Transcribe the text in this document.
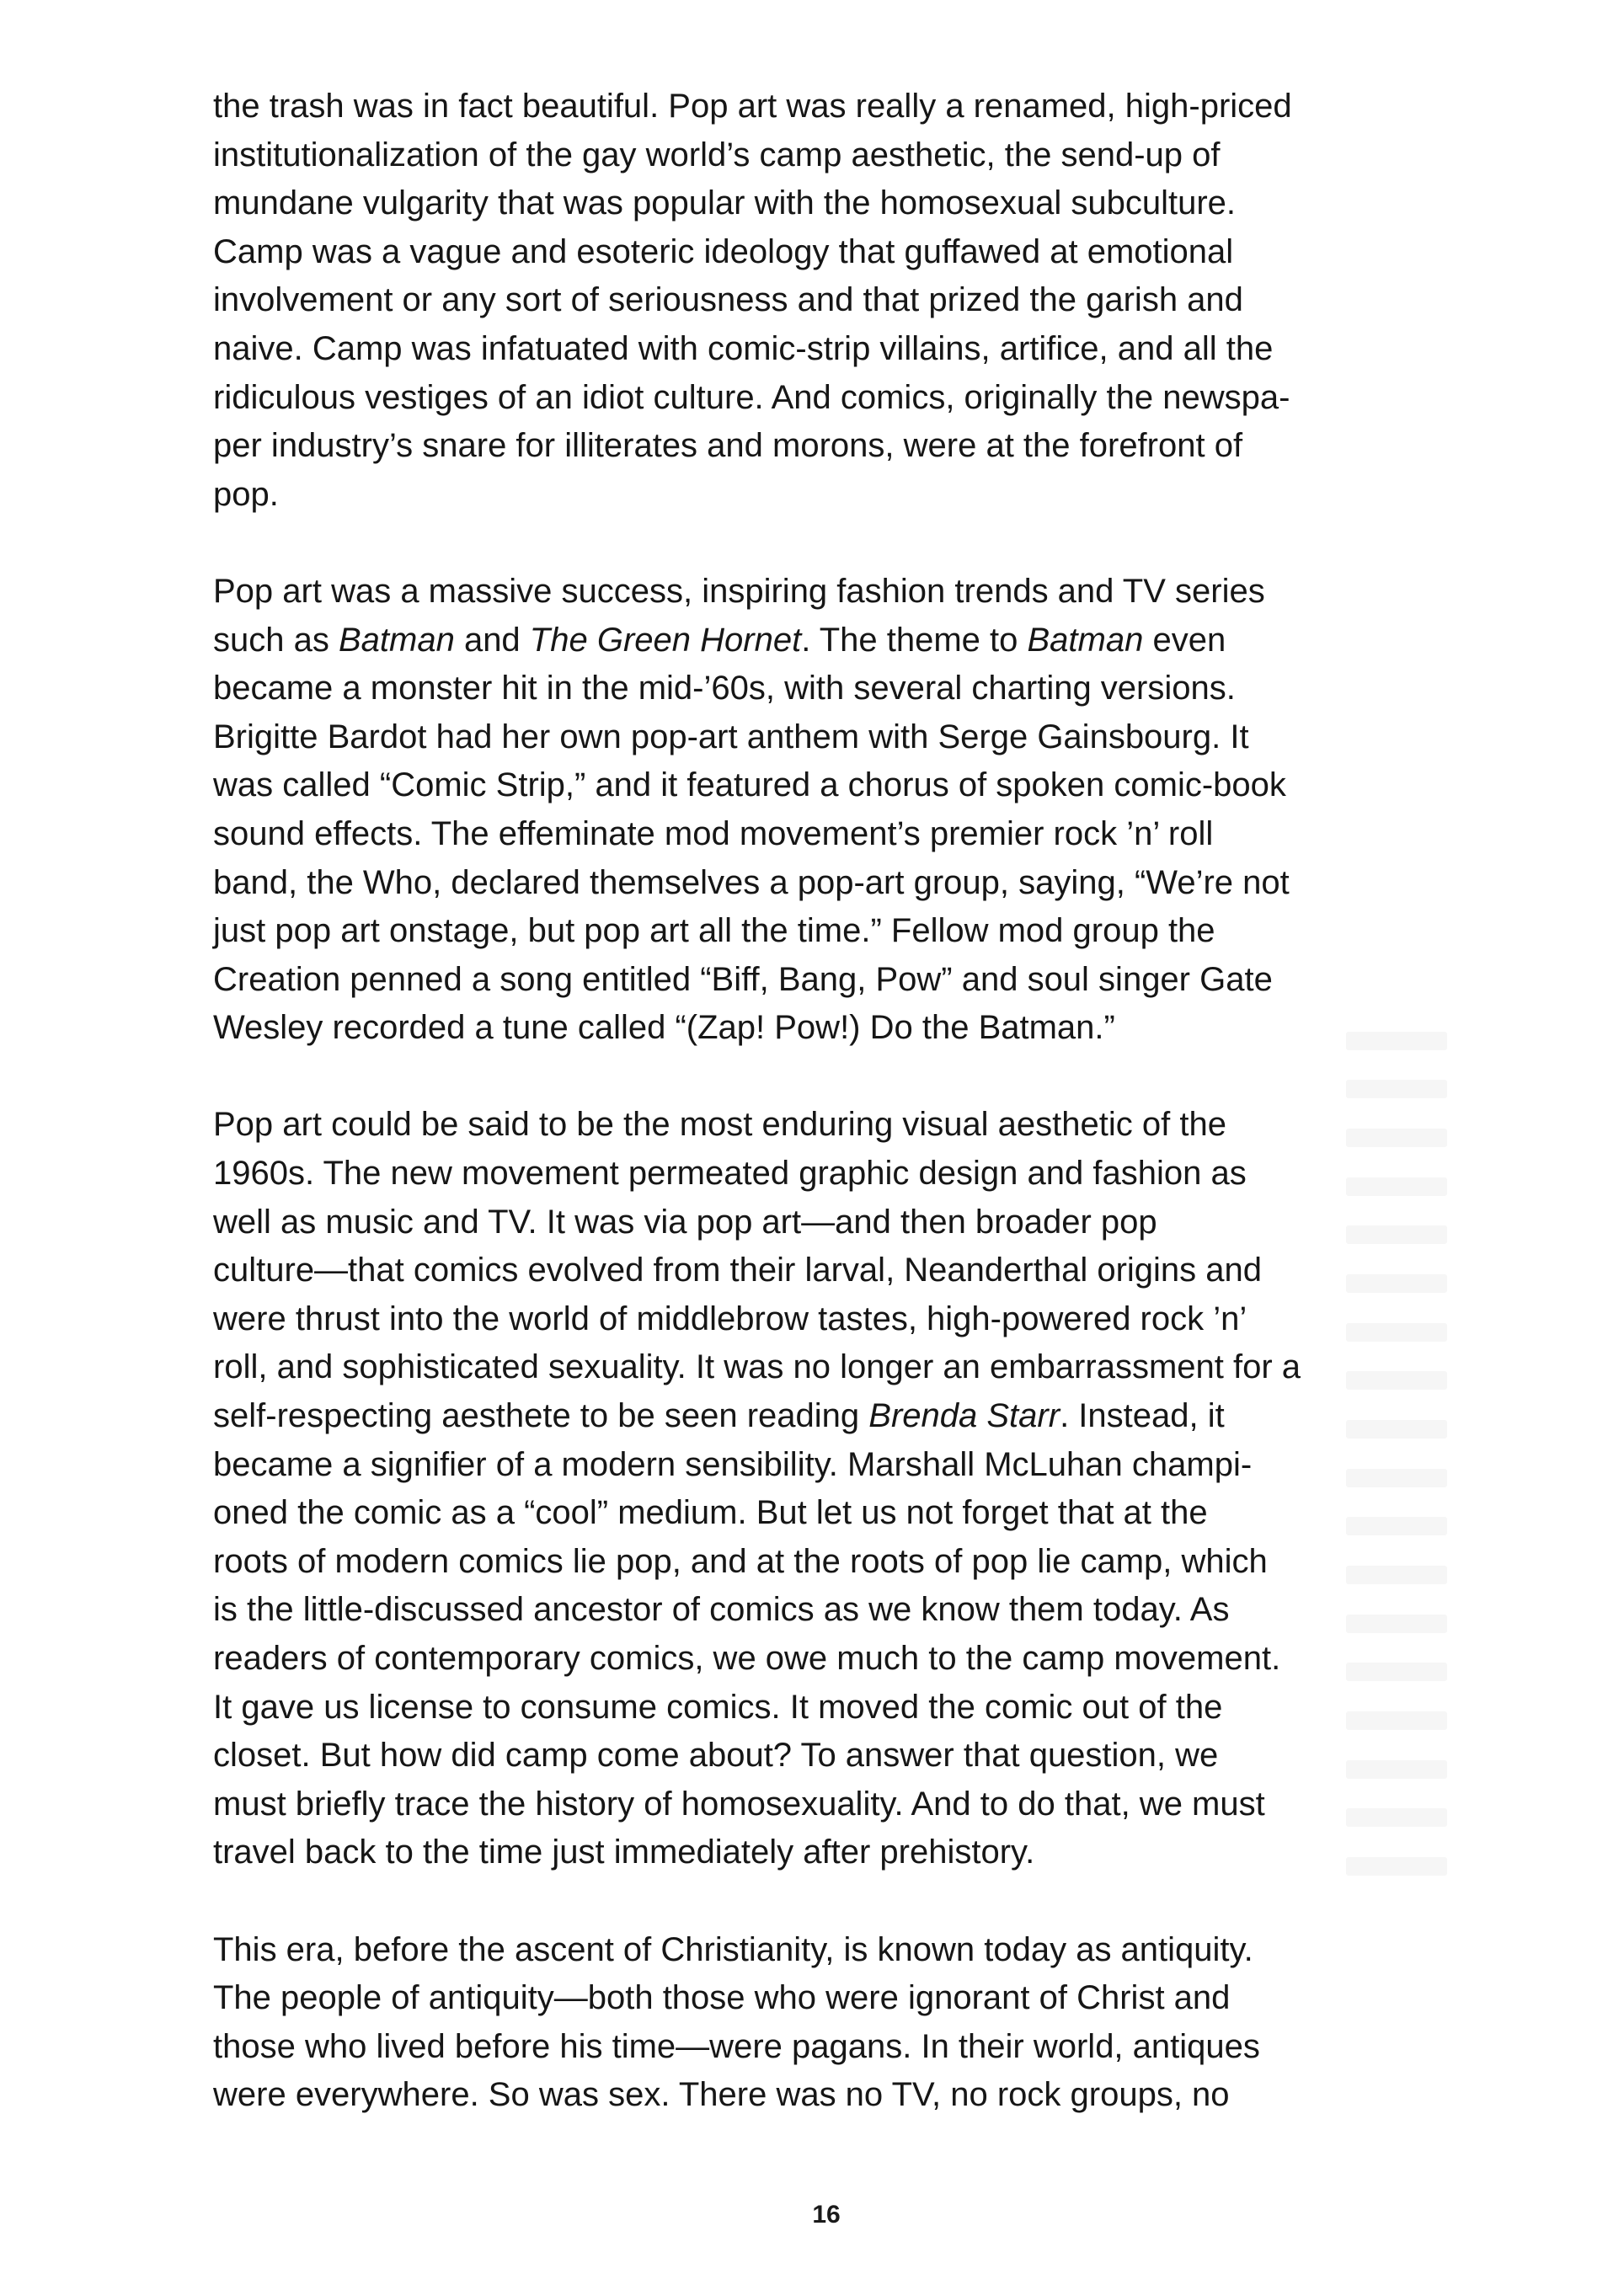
the trash was in fact beautiful. Pop art was really a renamed, high-priced
institutionalization of the gay world’s camp aesthetic, the send-up of
mundane vulgarity that was popular with the homosexual subculture.
Camp was a vague and esoteric ideology that guffawed at emotional
involvement or any sort of seriousness and that prized the garish and
naive. Camp was infatuated with comic-strip villains, artifice, and all the
ridiculous vestiges of an idiot culture. And comics, originally the newspa-
per industry’s snare for illiterates and morons, were at the forefront of
pop.

Pop art was a massive success, inspiring fashion trends and TV series
such as Batman and The Green Hornet. The theme to Batman even
became a monster hit in the mid-’60s, with several charting versions.
Brigitte Bardot had her own pop-art anthem with Serge Gainsbourg. It
was called “Comic Strip,” and it featured a chorus of spoken comic-book
sound effects. The effeminate mod movement’s premier rock ’n’ roll
band, the Who, declared themselves a pop-art group, saying, “We’re not
just pop art onstage, but pop art all the time.” Fellow mod group the
Creation penned a song entitled “Biff, Bang, Pow” and soul singer Gate
Wesley recorded a tune called “(Zap! Pow!) Do the Batman.”

Pop art could be said to be the most enduring visual aesthetic of the
1960s. The new movement permeated graphic design and fashion as
well as music and TV. It was via pop art—and then broader pop
culture—that comics evolved from their larval, Neanderthal origins and
were thrust into the world of middlebrow tastes, high-powered rock ’n’
roll, and sophisticated sexuality. It was no longer an embarrassment for a
self-respecting aesthete to be seen reading Brenda Starr. Instead, it
became a signifier of a modern sensibility. Marshall McLuhan champi-
oned the comic as a “cool” medium. But let us not forget that at the
roots of modern comics lie pop, and at the roots of pop lie camp, which
is the little-discussed ancestor of comics as we know them today. As
readers of contemporary comics, we owe much to the camp movement.
It gave us license to consume comics. It moved the comic out of the
closet. But how did camp come about? To answer that question, we
must briefly trace the history of homosexuality. And to do that, we must
travel back to the time just immediately after prehistory.

This era, before the ascent of Christianity, is known today as antiquity.
The people of antiquity—both those who were ignorant of Christ and
those who lived before his time—were pagans. In their world, antiques
were everywhere. So was sex. There was no TV, no rock groups, no

16
